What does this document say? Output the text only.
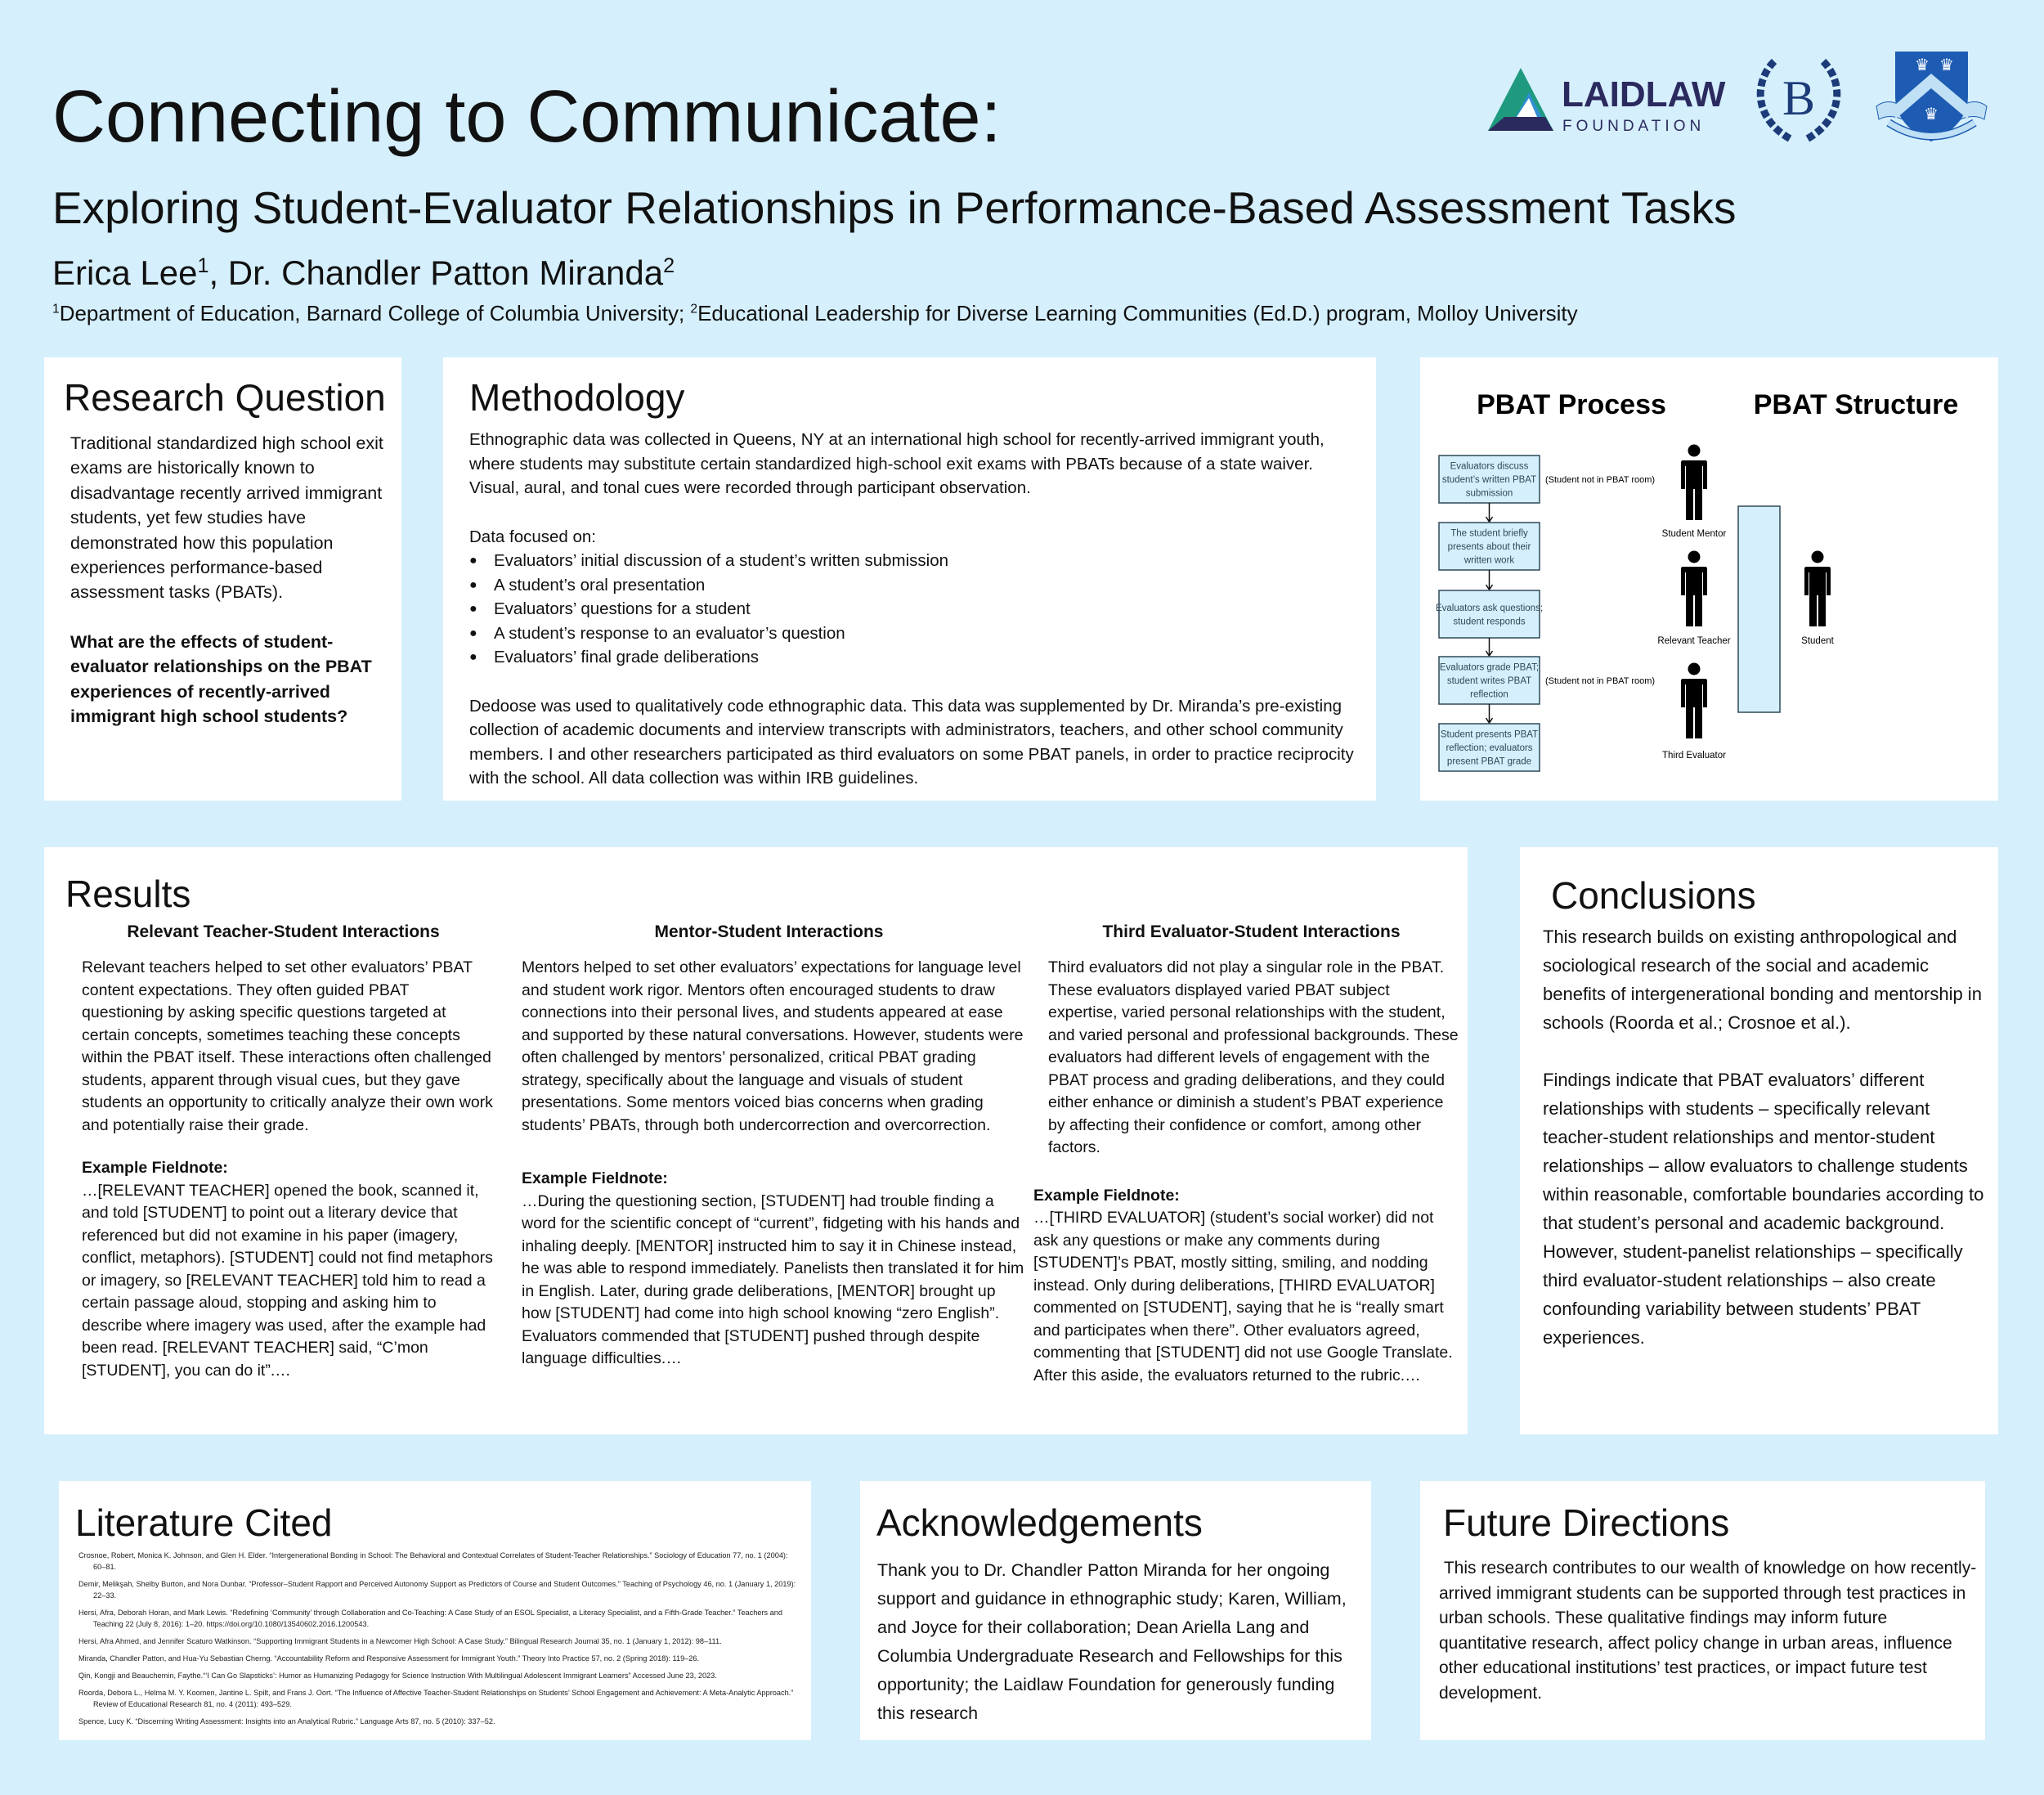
Connecting to Communicate:
Exploring Student-Evaluator Relationships in Performance-Based Assessment Tasks
Erica Lee$^1$, Dr. Chandler Patton Miranda$^2$
$^1$Department of Education, Barnard College of Columbia University; $^2$Educational Leadership for Diverse Learning Communities (Ed.D.) program, Molloy University
LAIDLAW
FOUNDATION
B
♛ ♛
♛
Research Question

Traditional standardized high school exit exams are historically known to disadvantage recently arrived immigrant students, yet few studies have demonstrated how this population experiences performance-based assessment tasks (PBATs).

What are the effects of student-evaluator relationships on the PBAT experiences of recently-arrived immigrant high school students?

Methodology

Ethnographic data was collected in Queens, NY at an international high school for recently-arrived immigrant youth, where students may substitute certain standardized high-school exit exams with PBATs because of a state waiver. Visual, aural, and tonal cues were recorded through participant observation.

Data focused on:

● Evaluators’ initial discussion of a student’s written submission
● A student’s oral presentation
● Evaluators’ questions for a student
● A student’s response to an evaluator’s question
● Evaluators’ final grade deliberations

Dedoose was used to qualitatively code ethnographic data. This data was supplemented by Dr. Miranda’s pre-existing collection of academic documents and interview transcripts with administrators, teachers, and other school community members. I and other researchers participated as third evaluators on some PBAT panels, in order to practice reciprocity with the school. All data collection was within IRB guidelines.

PBAT Process	PBAT Structure
Evaluators discuss
student’s written PBAT
submission
The student briefly
presents about their
written work
Evaluators ask questions;
student responds
Evaluators grade PBAT;
student writes PBAT
reflection
Student presents PBAT
reflection; evaluators
present PBAT grade
(Student not in PBAT room)
(Student not in PBAT room)
Student Mentor
Relevant Teacher
Third Evaluator
Student
Results
Relevant Teacher-Student Interactions	Mentor-Student Interactions	Third Evaluator-Student Interactions

Relevant teachers helped to set other evaluators’ PBAT content expectations. They often guided PBAT questioning by asking specific questions targeted at certain concepts, sometimes teaching these concepts within the PBAT itself. These interactions often challenged students, apparent through visual cues, but they gave students an opportunity to critically analyze their own work and potentially raise their grade.

Example Fieldnote:

…[RELEVANT TEACHER] opened the book, scanned it, and told [STUDENT] to point out a literary device that referenced but did not examine in his paper (imagery, conflict, metaphors). [STUDENT] could not find metaphors or imagery, so [RELEVANT TEACHER] told him to read a certain passage aloud, stopping and asking him to describe where imagery was used, after the example had been read. [RELEVANT TEACHER] said, “C’mon [STUDENT], you can do it”.…

Mentors helped to set other evaluators’ expectations for language level and student work rigor. Mentors often encouraged students to draw connections into their personal lives, and students appeared at ease and supported by these natural conversations. However, students were often challenged by mentors’ personalized, critical PBAT grading strategy, specifically about the language and visuals of student presentations. Some mentors voiced bias concerns when grading students’ PBATs, through both undercorrection and overcorrection.

Example Fieldnote:

…During the questioning section, [STUDENT] had trouble finding a word for the scientific concept of “current”, fidgeting with his hands and inhaling deeply. [MENTOR] instructed him to say it in Chinese instead, he was able to respond immediately. Panelists then translated it for him in English. Later, during grade deliberations, [MENTOR] brought up how [STUDENT] had come into high school knowing “zero English”. Evaluators commended that [STUDENT] pushed through despite language difficulties.…

Third evaluators did not play a singular role in the PBAT. These evaluators displayed varied PBAT subject expertise, varied personal relationships with the student, and varied personal and professional backgrounds. These evaluators had different levels of engagement with the PBAT process and grading deliberations, and they could either enhance or diminish a student’s PBAT experience by affecting their confidence or comfort, among other factors.

Example Fieldnote:

…[THIRD EVALUATOR] (student’s social worker) did not ask any questions or make any comments during [STUDENT]’s PBAT, mostly sitting, smiling, and nodding instead. Only during deliberations, [THIRD EVALUATOR] commented on [STUDENT], saying that he is “really smart and participates when there”. Other evaluators agreed, commenting that [STUDENT] did not use Google Translate. After this aside, the evaluators returned to the rubric.…

Conclusions

This research builds on existing anthropological and sociological research of the social and academic benefits of intergenerational bonding and mentorship in schools (Roorda et al.; Crosnoe et al.).

Findings indicate that PBAT evaluators’ different relationships with students – specifically relevant teacher-student relationships and mentor-student relationships – allow evaluators to challenge students within reasonable, comfortable boundaries according to that student’s personal and academic background. However, student-panelist relationships – specifically third evaluator-student relationships – also create confounding variability between students’ PBAT experiences.

Literature Cited
Crosnoe, Robert, Monica K. Johnson, and Glen H. Elder. “Intergenerational Bonding in School: The Behavioral and Contextual Correlates of Student-Teacher Relationships.” Sociology of Education 77, no. 1 (2004): 60–81.
Demir, Melikşah, Shelby Burton, and Nora Dunbar. “Professor–Student Rapport and Perceived Autonomy Support as Predictors of Course and Student Outcomes.” Teaching of Psychology 46, no. 1 (January 1, 2019): 22–33.
Hersi, Afra, Deborah Horan, and Mark Lewis. “Redefining ‘Community’ through Collaboration and Co-Teaching: A Case Study of an ESOL Specialist, a Literacy Specialist, and a Fifth-Grade Teacher.” Teachers and Teaching 22 (July 8, 2016): 1–20. https://doi.org/10.1080/13540602.2016.1200543.
Hersi, Afra Ahmed, and Jennifer Scaturo Watkinson. “Supporting Immigrant Students in a Newcomer High School: A Case Study.” Bilingual Research Journal 35, no. 1 (January 1, 2012): 98–111.
Miranda, Chandler Patton, and Hua-Yu Sebastian Cherng. “Accountability Reform and Responsive Assessment for Immigrant Youth.” Theory Into Practice 57, no. 2 (Spring 2018): 119–26.
Qin, Kongji and Beauchemin, Faythe.“‘I Can Go Slapsticks’: Humor as Humanizing Pedagogy for Science Instruction With Multilingual Adolescent Immigrant Learners” Accessed June 23, 2023.
Roorda, Debora L., Helma M. Y. Koomen, Jantine L. Spilt, and Frans J. Oort. “The Influence of Affective Teacher-Student Relationships on Students’ School Engagement and Achievement: A Meta-Analytic Approach.” Review of Educational Research 81, no. 4 (2011): 493–529.
Spence, Lucy K. “Discerning Writing Assessment: Insights into an Analytical Rubric.” Language Arts 87, no. 5 (2010): 337–52.
Acknowledgements

Thank you to Dr. Chandler Patton Miranda for her ongoing support and guidance in ethnographic study; Karen, William, and Joyce for their collaboration; Dean Ariella Lang and Columbia Undergraduate Research and Fellowships for this opportunity; the Laidlaw Foundation for generously funding this research

Future Directions

This research contributes to our wealth of knowledge on how recently-arrived immigrant students can be supported through test practices in urban schools. These qualitative findings may inform future quantitative research, affect policy change in urban areas, influence other educational institutions’ test practices, or impact future test development.
